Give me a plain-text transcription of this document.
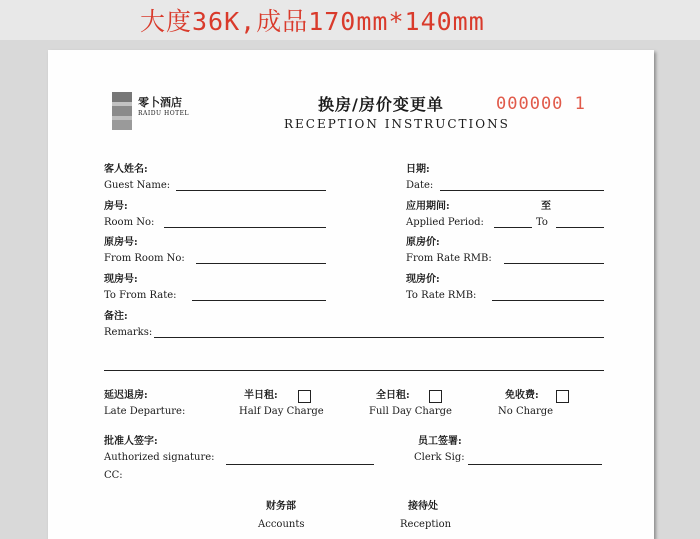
大度36K,成品170mm*140mm
零卜酒店
RAIDU HOTEL	换房/房价变更单
RECEPTION INSTRUCTIONS
000000 1
客人姓名:
Guest Name:
日期:
Date:
房号:
Room No:
应用期间:
Applied Period:
至
To
原房号:
From Room No:
原房价:
From Rate RMB:
现房号:
To From Rate:
现房价:
To Rate RMB:
备注:
Remarks:
延迟退房:
Late Departure:
半日租:
Half Day Charge
全日租:
Full Day Charge
免收费:
No Charge
批准人签字:
Authorized signature:
员工签署:
Clerk Sig:
CC:
财务部
Accounts
接待处
Reception
